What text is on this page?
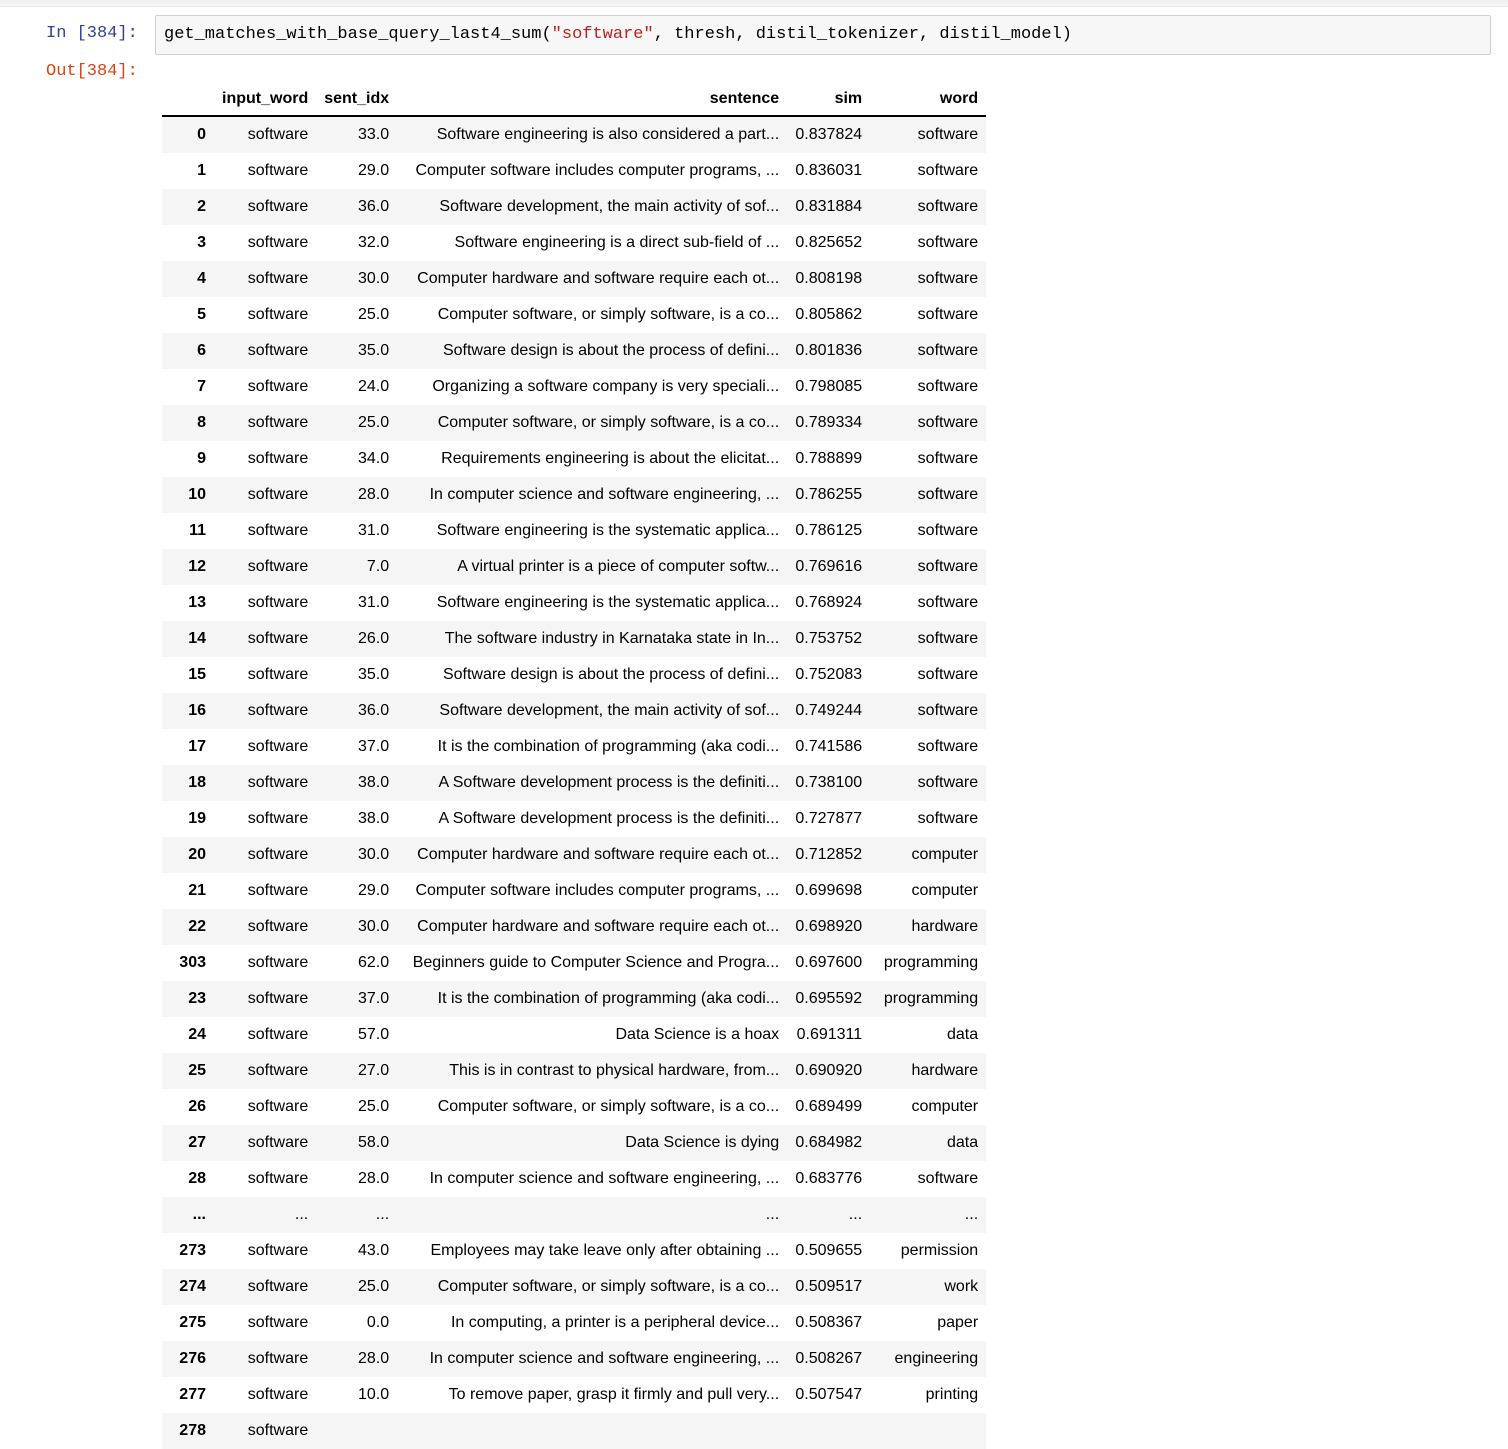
In [384]: get_matches_with_base_query_last4_sum("software", thresh, distil_tokenizer, distil_model)
Out[384]:
	input_word	sent_idx	sentence	sim	word
0	software	33.0	Software engineering is also considered a part...	0.837824	software
1	software	29.0	Computer software includes computer programs, ...	0.836031	software
2	software	36.0	Software development, the main activity of sof...	0.831884	software
3	software	32.0	Software engineering is a direct sub-field of ...	0.825652	software
4	software	30.0	Computer hardware and software require each ot...	0.808198	software
5	software	25.0	Computer software, or simply software, is a co...	0.805862	software
6	software	35.0	Software design is about the process of defini...	0.801836	software
7	software	24.0	Organizing a software company is very speciali...	0.798085	software
8	software	25.0	Computer software, or simply software, is a co...	0.789334	software
9	software	34.0	Requirements engineering is about the elicitat...	0.788899	software
10	software	28.0	In computer science and software engineering, ...	0.786255	software
11	software	31.0	Software engineering is the systematic applica...	0.786125	software
12	software	7.0	A virtual printer is a piece of computer softw...	0.769616	software
13	software	31.0	Software engineering is the systematic applica...	0.768924	software
14	software	26.0	The software industry in Karnataka state in In...	0.753752	software
15	software	35.0	Software design is about the process of defini...	0.752083	software
16	software	36.0	Software development, the main activity of sof...	0.749244	software
17	software	37.0	It is the combination of programming (aka codi...	0.741586	software
18	software	38.0	A Software development process is the definiti...	0.738100	software
19	software	38.0	A Software development process is the definiti...	0.727877	software
20	software	30.0	Computer hardware and software require each ot...	0.712852	computer
21	software	29.0	Computer software includes computer programs, ...	0.699698	computer
22	software	30.0	Computer hardware and software require each ot...	0.698920	hardware
303	software	62.0	Beginners guide to Computer Science and Progra...	0.697600	programming
23	software	37.0	It is the combination of programming (aka codi...	0.695592	programming
24	software	57.0	Data Science is a hoax	0.691311	data
25	software	27.0	This is in contrast to physical hardware, from...	0.690920	hardware
26	software	25.0	Computer software, or simply software, is a co...	0.689499	computer
27	software	58.0	Data Science is dying	0.684982	data
28	software	28.0	In computer science and software engineering, ...	0.683776	software
...	...	...	...	...	...
273	software	43.0	Employees may take leave only after obtaining ...	0.509655	permission
274	software	25.0	Computer software, or simply software, is a co...	0.509517	work
275	software	0.0	In computing, a printer is a peripheral device...	0.508367	paper
276	software	28.0	In computer science and software engineering, ...	0.508267	engineering
277	software	10.0	To remove paper, grasp it firmly and pull very...	0.507547	printing
278	software				
